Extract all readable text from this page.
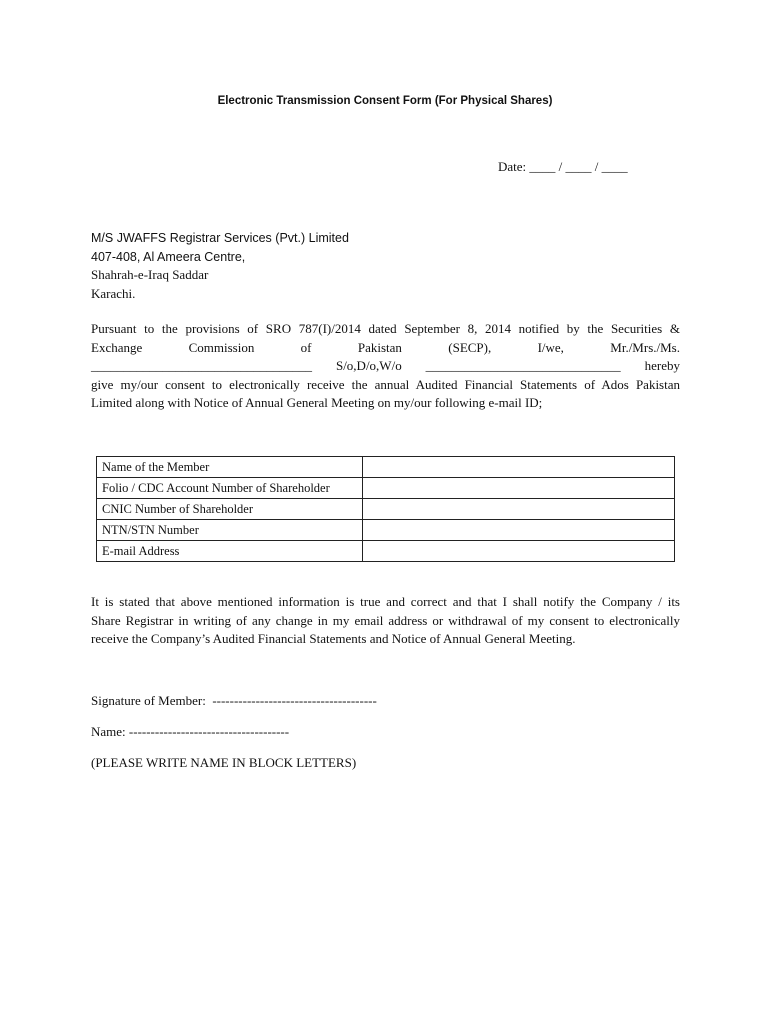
Electronic Transmission Consent Form (For Physical Shares)
Date: ____ / ____ / ____
M/S JWAFFS Registrar Services (Pvt.) Limited
407-408, Al Ameera Centre,
Shahrah-e-Iraq Saddar
Karachi.
Pursuant to the provisions of SRO 787(I)/2014 dated September 8, 2014 notified by the Securities &
Exchange Commission of Pakistan (SECP), I/we, Mr./Mrs./Ms.
__________________________________ S/o,D/o,W/o ______________________________ hereby
give my/our consent to electronically receive the annual Audited Financial Statements of Ados Pakistan
Limited along with Notice of Annual General Meeting on my/our following e-mail ID;
Name of the Member	
Folio / CDC Account Number of Shareholder	
CNIC Number of Shareholder	
NTN/STN Number	
E-mail Address	
It is stated that above mentioned information is true and correct and that I shall notify the Company / its
Share Registrar in writing of any change in my email address or withdrawal of my consent to electronically
receive the Company’s Audited Financial Statements and Notice of Annual General Meeting.
Signature of Member: --------------------------------------
Name: -------------------------------------
(PLEASE WRITE NAME IN BLOCK LETTERS)
